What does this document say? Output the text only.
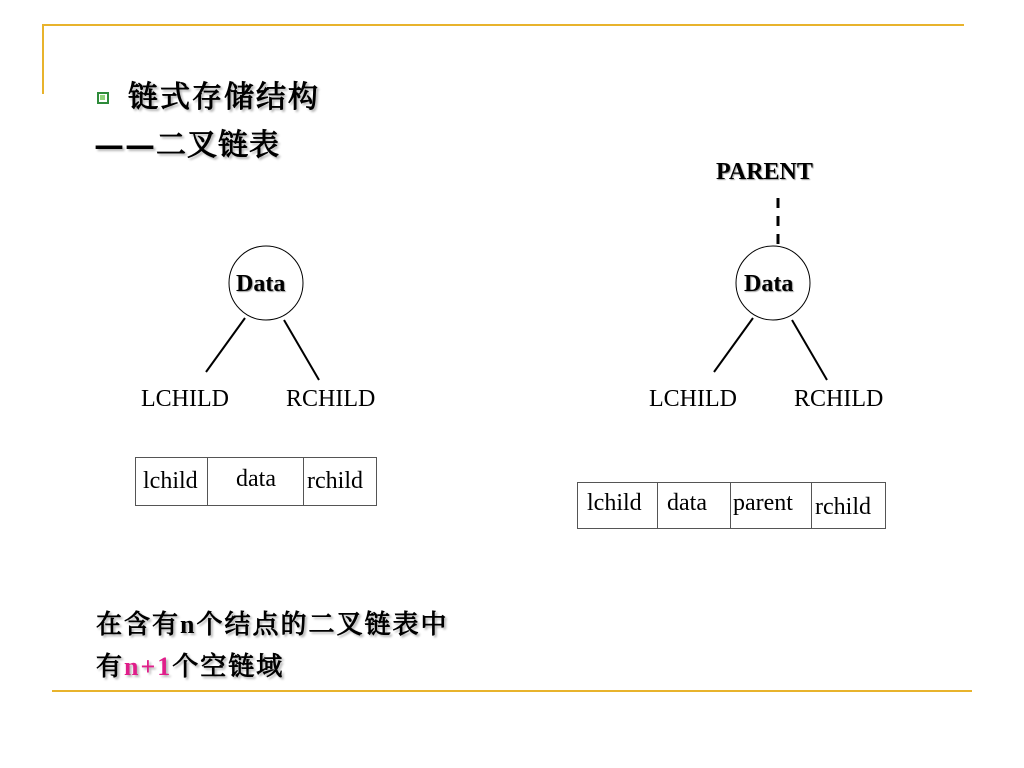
链式存储结构
——二叉链表
Data
LCHILD RCHILD
lchild data rchild
PARENT
Data
LCHILD RCHILD
lchild data parent rchild
在含有n个结点的二叉链表中
有n+1个空链域
